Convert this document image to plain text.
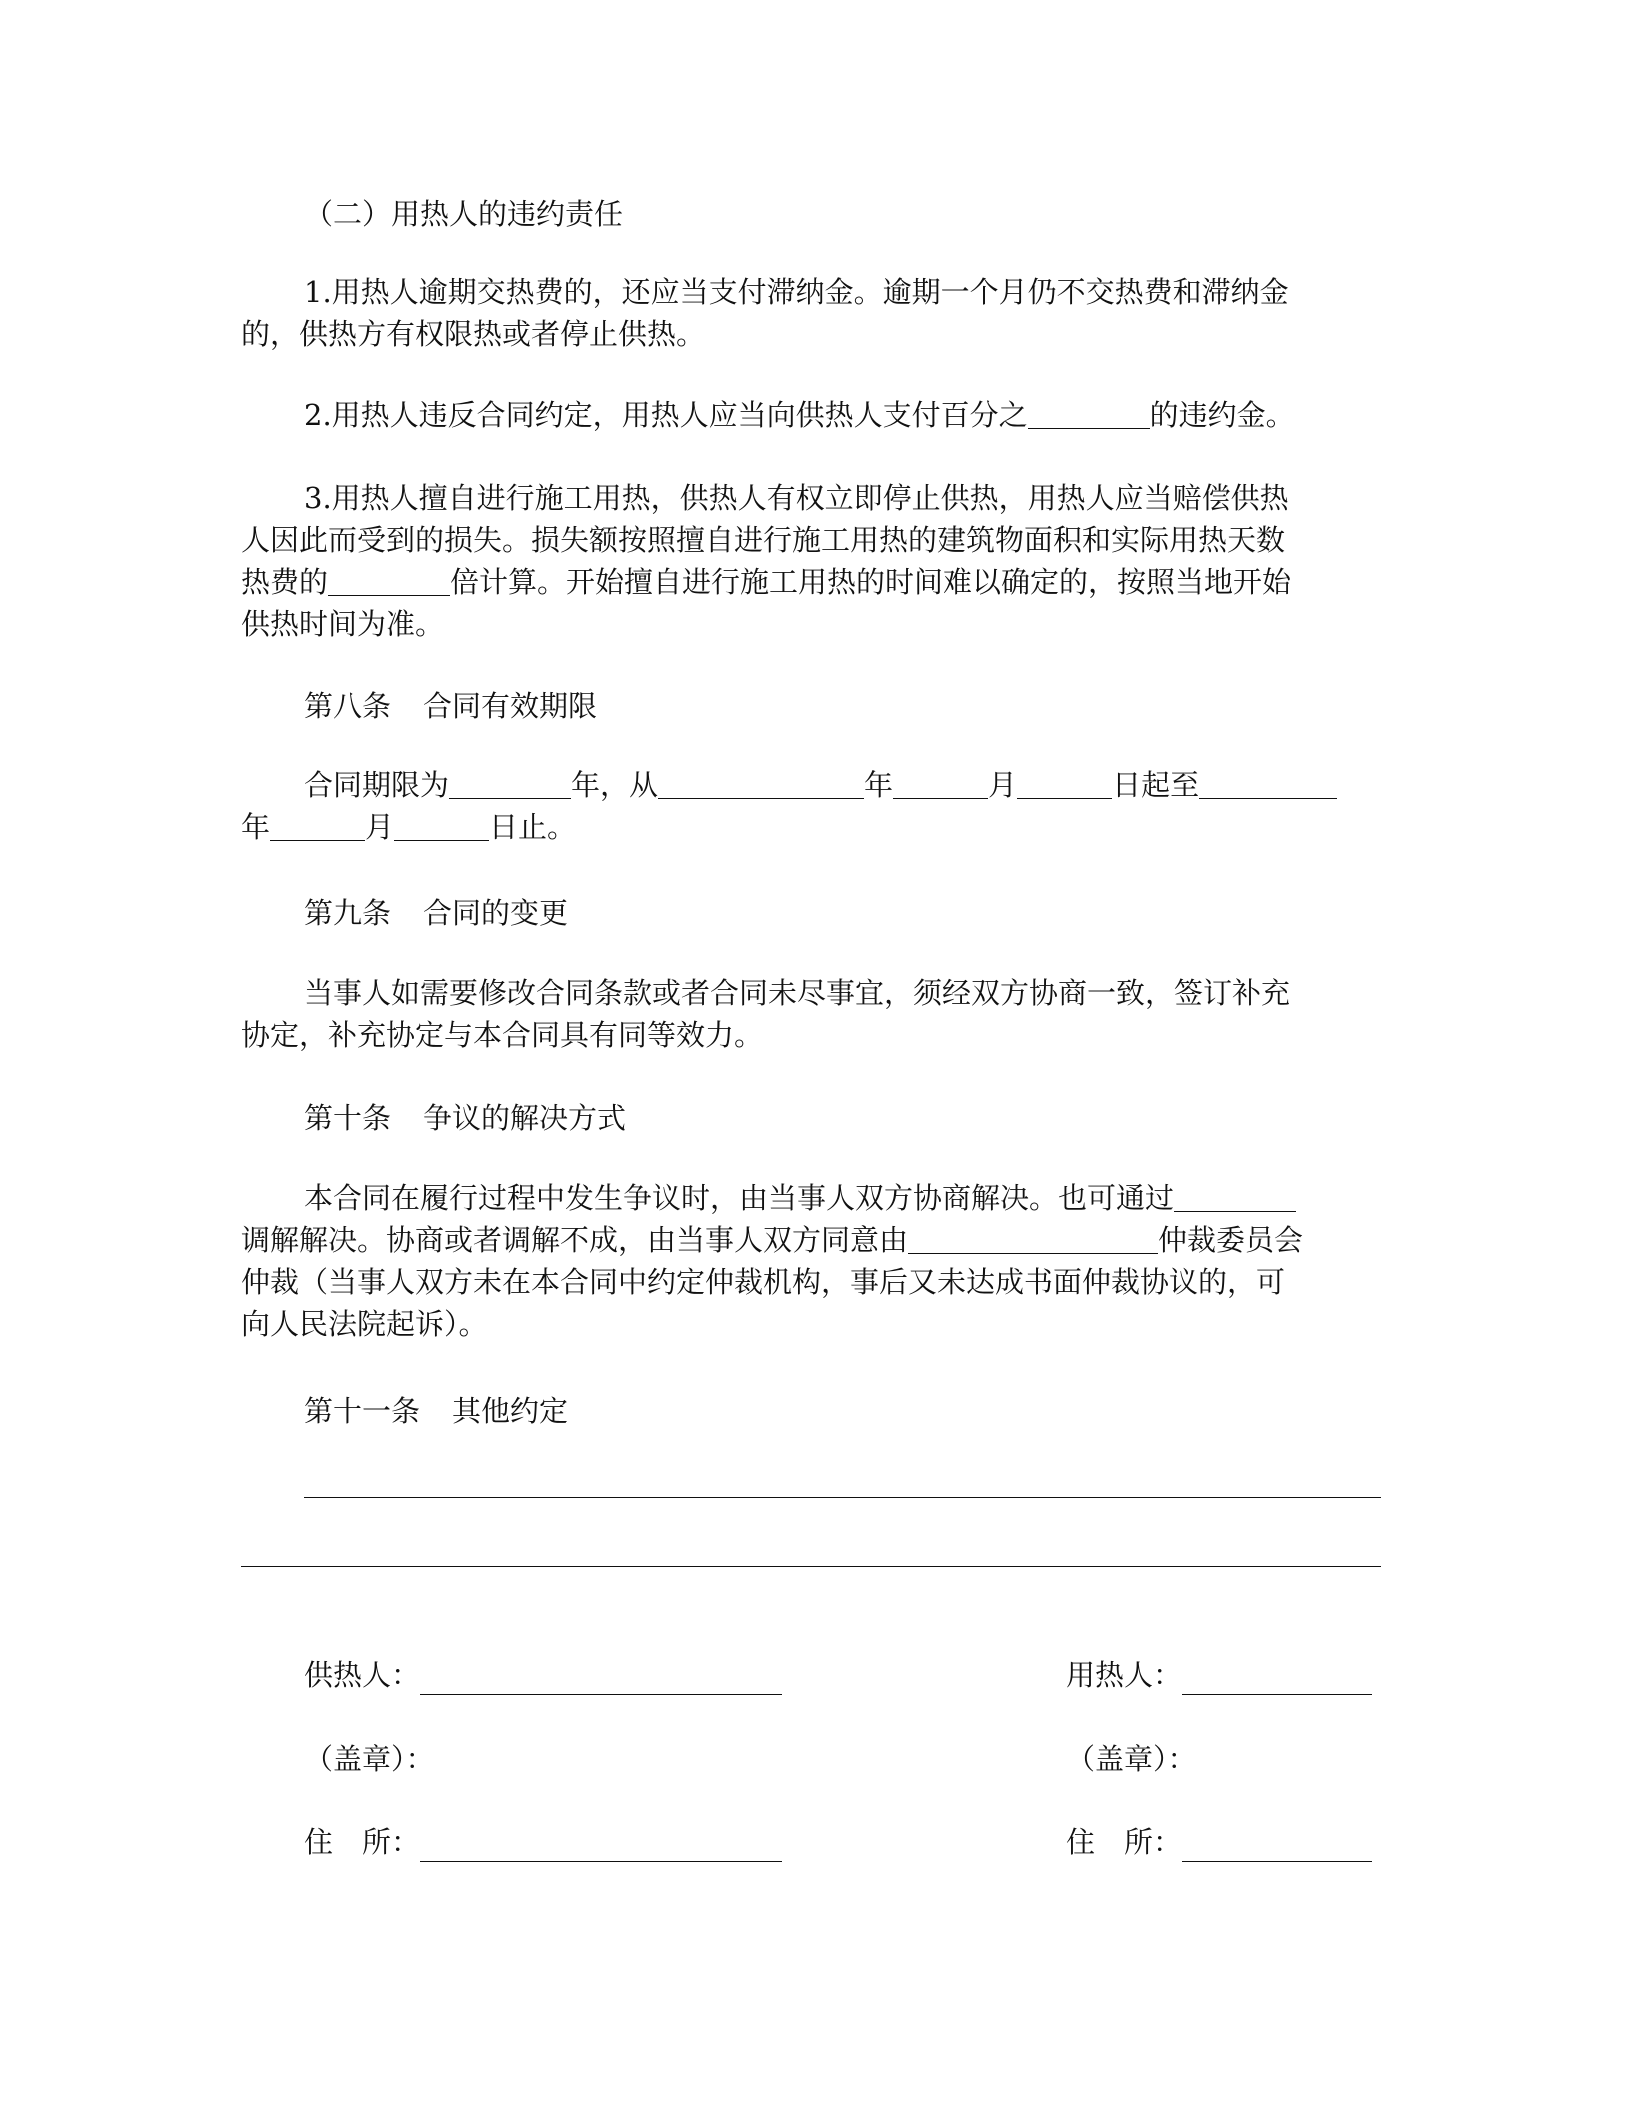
（二）用热人的违约责任
1.用热人逾期交热费的，还应当支付滞纳金。逾期一个月仍不交热费和滞纳金
的，供热方有权限热或者停止供热。
2.用热人违反合同约定，用热人应当向供热人支付百分之	的违约金。
3.用热人擅自进行施工用热，供热人有权立即停止供热，用热人应当赔偿供热
人因此而受到的损失。损失额按照擅自进行施工用热的建筑物面积和实际用热天数
热费的	倍计算。开始擅自进行施工用热的时间难以确定的，按照当地开始
供热时间为准。
第八条 合同有效期限
合同期限为	年，从	年	月	日起至
年	月	日止。
第九条 合同的变更
当事人如需要修改合同条款或者合同未尽事宜，须经双方协商一致，签订补充
协定，补充协定与本合同具有同等效力。
第十条 争议的解决方式
本合同在履行过程中发生争议时，由当事人双方协商解决。也可通过
调解解决。协商或者调解不成，由当事人双方同意由	仲裁委员会
仲裁（当事人双方未在本合同中约定仲裁机构，事后又未达成书面仲裁协议的，可
向人民法院起诉）。
第十一条 其他约定
供热人：	用热人：
（盖章）：	（盖章）：
住　所：	住　所：
